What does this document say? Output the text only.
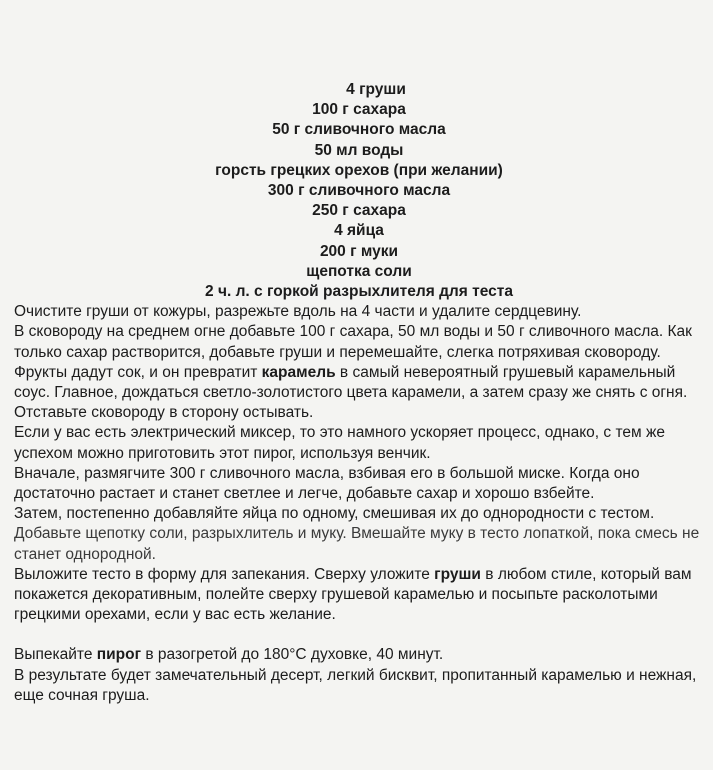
4 груши
100 г сахара
50 г сливочного масла
50 мл воды
горсть грецких орехов (при желании)
300 г сливочного масла
250 г сахара
4 яйца
200 г муки
щепотка соли
2 ч. л. с горкой разрыхлителя для теста

Очистите груши от кожуры, разрежьте вдоль на 4 части и удалите сердцевину.

В сковороду на среднем огне добавьте 100 г сахара, 50 мл воды и 50 г сливочного масла. Как только сахар растворится, добавьте груши и перемешайте, слегка потряхивая сковороду. Фрукты дадут сок, и он превратит карамель в самый невероятный грушевый карамельный соус. Главное, дождаться светло-золотистого цвета карамели, а затем сразу же снять с огня. Отставьте сковороду в сторону остывать.

Если у вас есть электрический миксер, то это намного ускоряет процесс, однако, с тем же успехом можно приготовить этот пирог, используя венчик.

Вначале, размягчите 300 г сливочного масла, взбивая его в большой миске. Когда оно достаточно растает и станет светлее и легче, добавьте сахар и хорошо взбейте.

Затем, постепенно добавляйте яйца по одному, смешивая их до однородности с тестом.

Добавьте щепотку соли, разрыхлитель и муку. Вмешайте муку в тесто лопаткой, пока смесь не станет однородной.

Выложите тесто в форму для запекания. Сверху уложите груши в любом стиле, который вам покажется декоративным, полейте сверху грушевой карамелью и посыпьте расколотыми грецкими орехами, если у вас есть желание.

Выпекайте пирог в разогретой до 180°C духовке, 40 минут.

В результате будет замечательный десерт, легкий бисквит, пропитанный карамелью и нежная, еще сочная груша.
